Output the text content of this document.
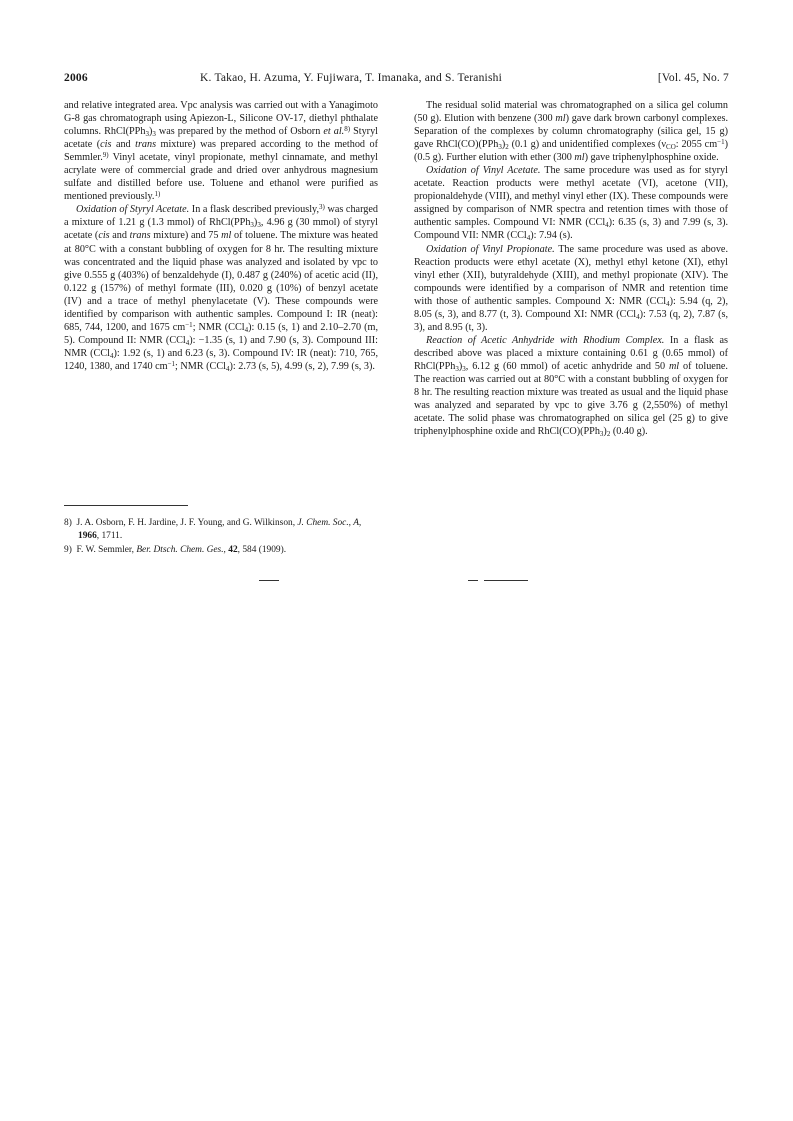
2006	K. Takao, H. Azuma, Y. Fujiwara, T. Imanaka, and S. Teranishi	[Vol. 45, No. 7

and relative integrated area. Vpc analysis was carried out with a Yanagimoto G-8 gas chromatograph using Apiezon-L, Silicone OV-17, diethyl phthalate columns. $RhCl(PPh_3)_3$ was prepared by the method of Osborn et al.$^{8)}$ Styryl acetate (cis and trans mixture) was prepared according to the method of Semmler.$^{9)}$ Vinyl acetate, vinyl propionate, methyl cinnamate, and methyl acrylate were of commercial grade and dried over anhydrous magnesium sulfate and distilled before use. Toluene and ethanol were purified as mentioned previously.$^{1)}$

Oxidation of Styryl Acetate. In a flask described previously,$^{3)}$ was charged a mixture of 1.21 g (1.3 mmol) of $RhCl(PPh_3)_3$, 4.96 g (30 mmol) of styryl acetate (cis and trans mixture) and 75 ml of toluene. The mixture was heated at 80°C with a constant bubbling of oxygen for 8 hr. The resulting mixture was concentrated and the liquid phase was analyzed and isolated by vpc to give 0.555 g (403%) of benzaldehyde (I), 0.487 g (240%) of acetic acid (II), 0.122 g (157%) of methyl formate (III), 0.020 g (10%) of benzyl acetate (IV) and a trace of methyl phenylacetate (V). These compounds were identified by comparison with authentic samples. Compound I: IR (neat): 685, 744, 1200, and 1675 $cm^{-1}$; NMR (CCl$_4$): 0.15 (s, 1) and 2.10–2.70 (m, 5). Compound II: NMR (CCl$_4$): −1.35 (s, 1) and 7.90 (s, 3). Compound III: NMR (CCl$_4$): 1.92 (s, 1) and 6.23 (s, 3). Compound IV: IR (neat): 710, 765, 1240, 1380, and 1740 $cm^{-1}$; NMR (CCl$_4$): 2.73 (s, 5), 4.99 (s, 2), 7.99 (s, 3).

8) J. A. Osborn, F. H. Jardine, J. F. Young, and G. Wilkinson, J. Chem. Soc., A, 1966, 1711.

9) F. W. Semmler, Ber. Dtsch. Chem. Ges., 42, 584 (1909).

The residual solid material was chromatographed on a silica gel column (50 g). Elution with benzene (300 ml) gave dark brown carbonyl complexes. Separation of the complexes by column chromatography (silica gel, 15 g) gave $RhCl(CO)(PPh_3)_2$ (0.1 g) and unidentified complexes ($\nu_{CO}$: 2055 $cm^{-1}$) (0.5 g). Further elution with ether (300 ml) gave triphenylphosphine oxide.

Oxidation of Vinyl Acetate. The same procedure was used as for styryl acetate. Reaction products were methyl acetate (VI), acetone (VII), propionaldehyde (VIII), and methyl vinyl ether (IX). These compounds were assigned by comparison of NMR spectra and retention times with those of authentic samples. Compound VI: NMR (CCl$_4$): 6.35 (s, 3) and 7.99 (s, 3). Compound VII: NMR (CCl$_4$): 7.94 (s).

Oxidation of Vinyl Propionate. The same procedure was used as above. Reaction products were ethyl acetate (X), methyl ethyl ketone (XI), ethyl vinyl ether (XII), butyraldehyde (XIII), and methyl propionate (XIV). The compounds were identified by a comparison of NMR and retention time with those of authentic samples. Compound X: NMR (CCl$_4$): 5.94 (q, 2), 8.05 (s, 3), and 8.77 (t, 3). Compound XI: NMR (CCl$_4$): 7.53 (q, 2), 7.87 (s, 3), and 8.95 (t, 3).

Reaction of Acetic Anhydride with Rhodium Complex. In a flask as described above was placed a mixture containing 0.61 g (0.65 mmol) of $RhCl(PPh_3)_3$, 6.12 g (60 mmol) of acetic anhydride and 50 ml of toluene. The reaction was carried out at 80°C with a constant bubbling of oxygen for 8 hr. The resulting reaction mixture was treated as usual and the liquid phase was analyzed and separated by vpc to give 3.76 g (2,550%) of methyl acetate. The solid phase was chromatographed on silica gel (25 g) to give triphenylphosphine oxide and $RhCl(CO)(PPh_3)_2$ (0.40 g).
